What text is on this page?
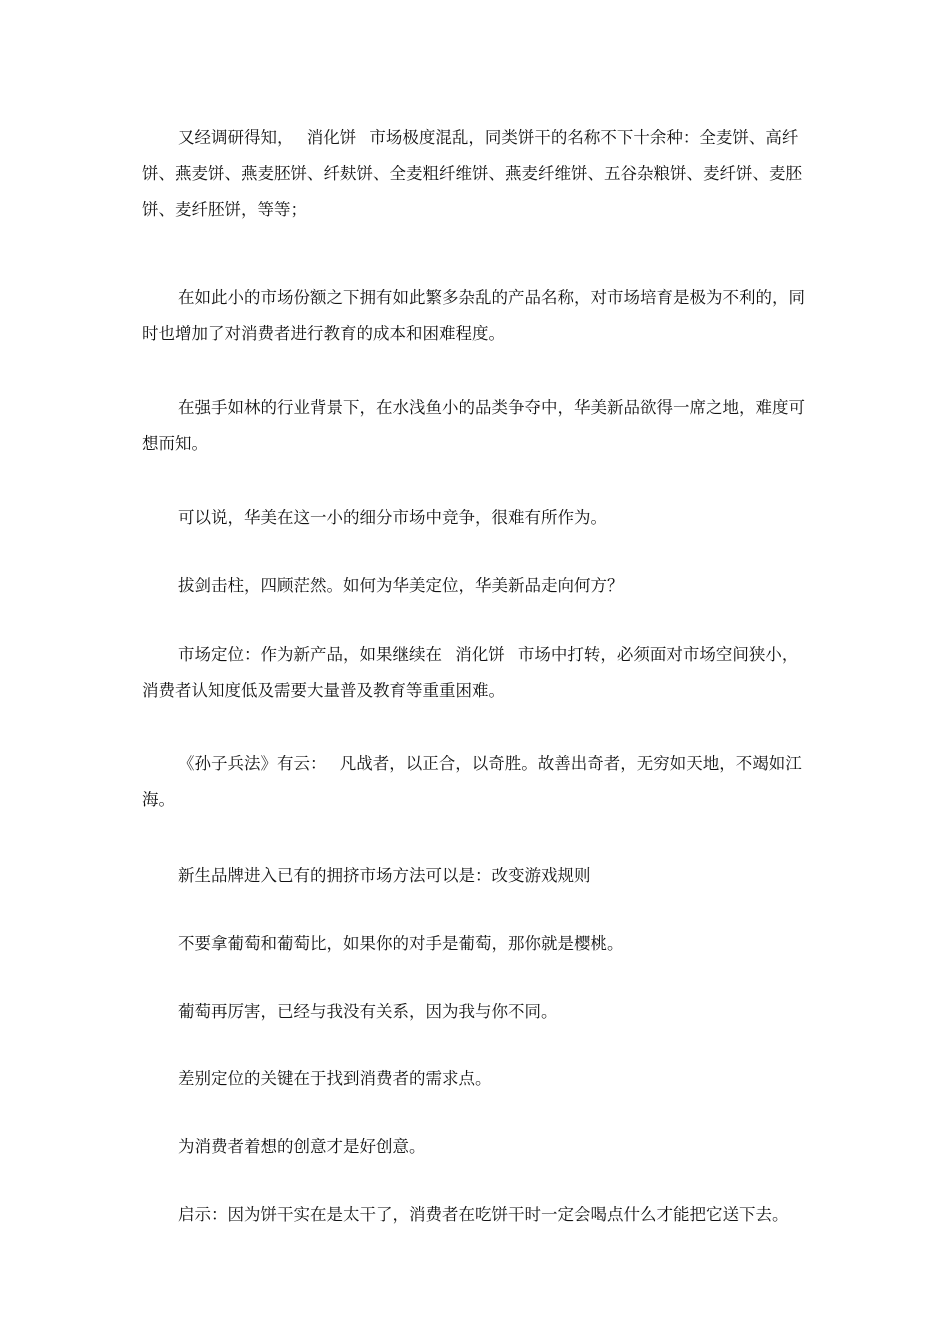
又经调研得知，消化饼市场极度混乱，同类饼干的名称不下十余种：全麦饼、高纤饼、燕麦饼、燕麦胚饼、纤麸饼、全麦粗纤维饼、燕麦纤维饼、五谷杂粮饼、麦纤饼、麦胚饼、麦纤胚饼，等等；

在如此小的市场份额之下拥有如此繁多杂乱的产品名称，对市场培育是极为不利的，同时也增加了对消费者进行教育的成本和困难程度。

在强手如林的行业背景下，在水浅鱼小的品类争夺中，华美新品欲得一席之地，难度可想而知。

可以说，华美在这一小的细分市场中竞争，很难有所作为。

拔剑击柱，四顾茫然。如何为华美定位，华美新品走向何方？

市场定位：作为新产品，如果继续在消化饼市场中打转，必须面对市场空间狭小，消费者认知度低及需要大量普及教育等重重困难。

《孙子兵法》有云：凡战者，以正合，以奇胜。故善出奇者，无穷如天地，不竭如江海。

新生品牌进入已有的拥挤市场方法可以是：改变游戏规则

不要拿葡萄和葡萄比，如果你的对手是葡萄，那你就是樱桃。

葡萄再厉害，已经与我没有关系，因为我与你不同。

差别定位的关键在于找到消费者的需求点。

为消费者着想的创意才是好创意。

启示：因为饼干实在是太干了，消费者在吃饼干时一定会喝点什么才能把它送下去。
